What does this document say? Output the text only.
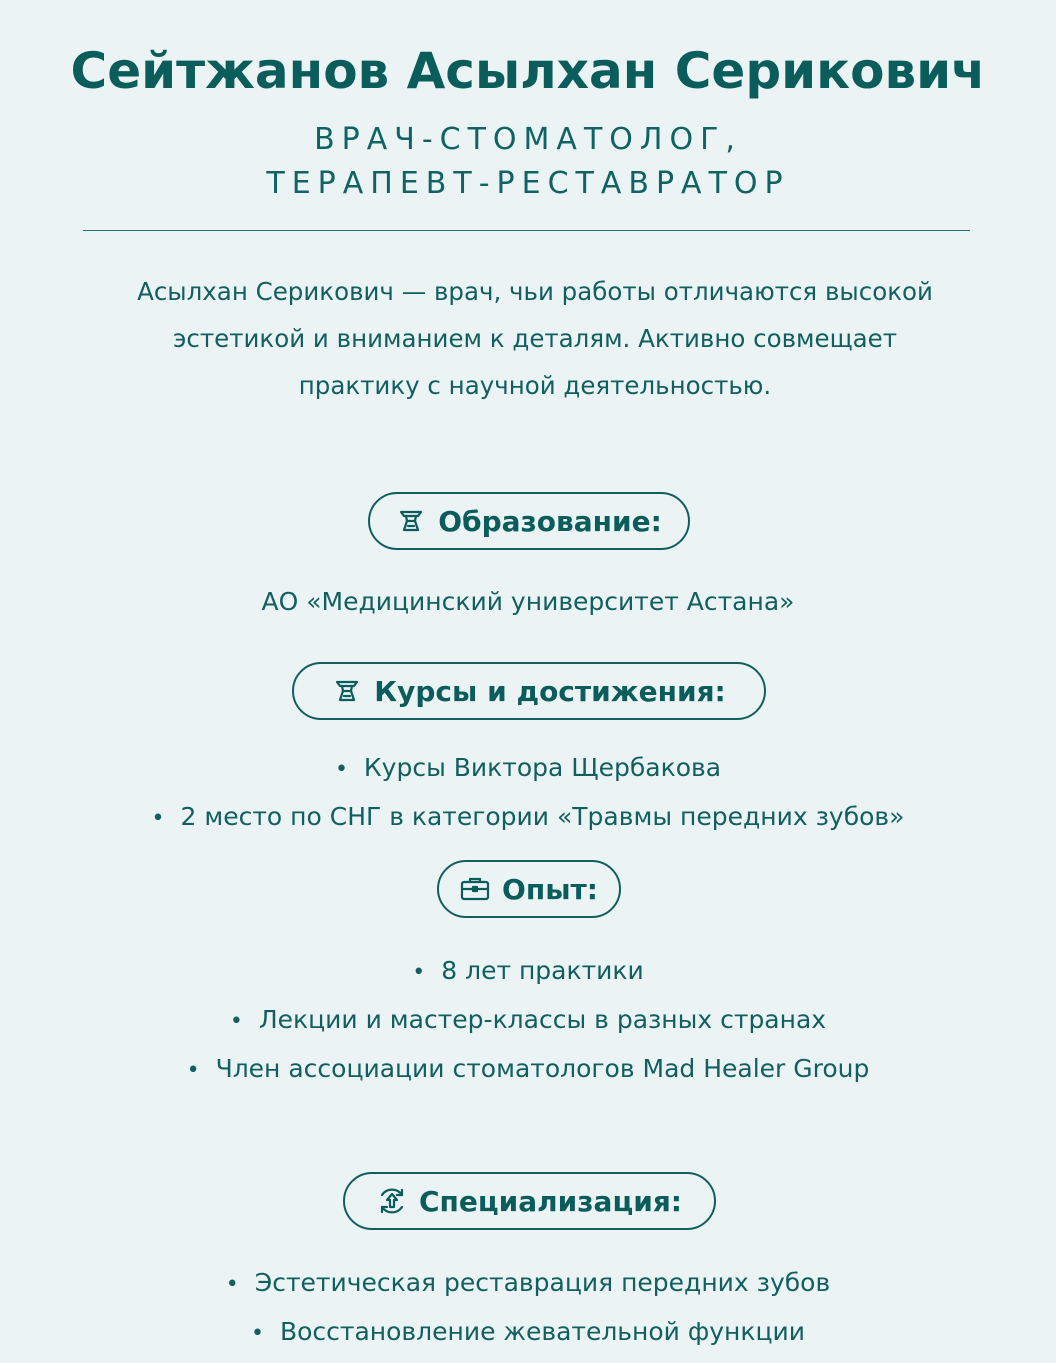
Сейтжанов Асылхан Серикович
ВРАЧ-СТОМАТОЛОГ,
ТЕРАПЕВТ-РЕСТАВРАТОР
Асылхан Серикович — врач, чьи работы отличаются высокой
эстетикой и вниманием к деталям. Активно совмещает
практику с научной деятельностью.
Образование:
АО «Медицинский университет Астана»
Курсы и достижения:
• Курсы Виктора Щербакова
• 2 место по СНГ в категории «Травмы передних зубов»
Опыт:
• 8 лет практики
• Лекции и мастер-классы в разных странах
• Член ассоциации стоматологов Mad Healer Group
Специализация:
• Эстетическая реставрация передних зубов
• Восстановление жевательной функции
